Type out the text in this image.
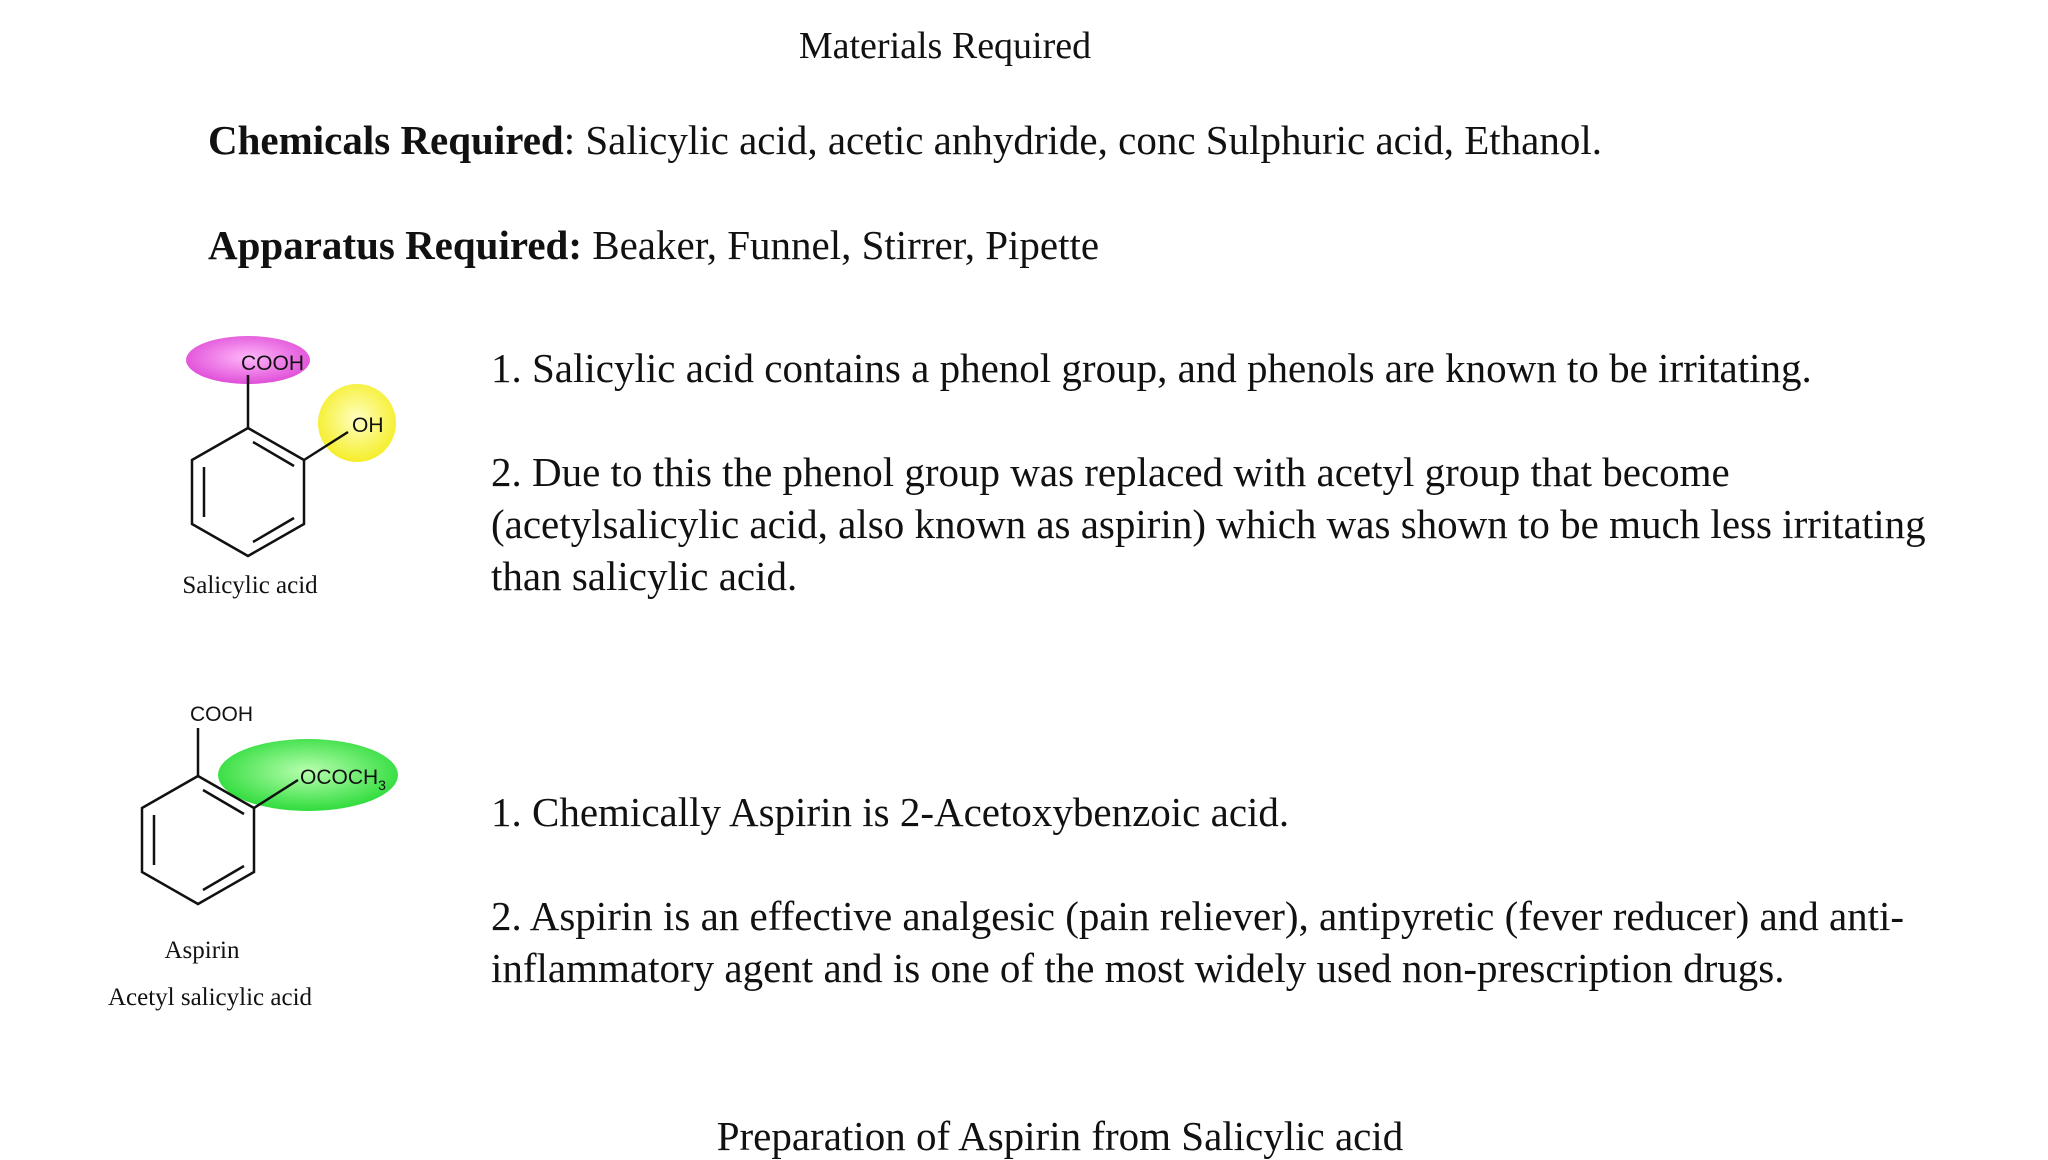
Materials Required
Chemicals Required: Salicylic acid, acetic anhydride, conc Sulphuric acid, Ethanol.
Apparatus Required: Beaker, Funnel, Stirrer, Pipette
COOH
OH
Salicylic acid
1. Salicylic acid contains a phenol group, and phenols are known to be irritating.
2. Due to this the phenol group was replaced with acetyl group that become (acetylsalicylic acid, also known as aspirin) which was shown to be much less irritating than salicylic acid.
COOH
$OCOCH_3$
Aspirin
Acetyl salicylic acid
1. Chemically Aspirin is 2-Acetoxybenzoic acid.
2. Aspirin is an effective analgesic (pain reliever), antipyretic (fever reducer) and anti-inflammatory agent and is one of the most widely used non-prescription drugs.
Preparation of Aspirin from Salicylic acid
